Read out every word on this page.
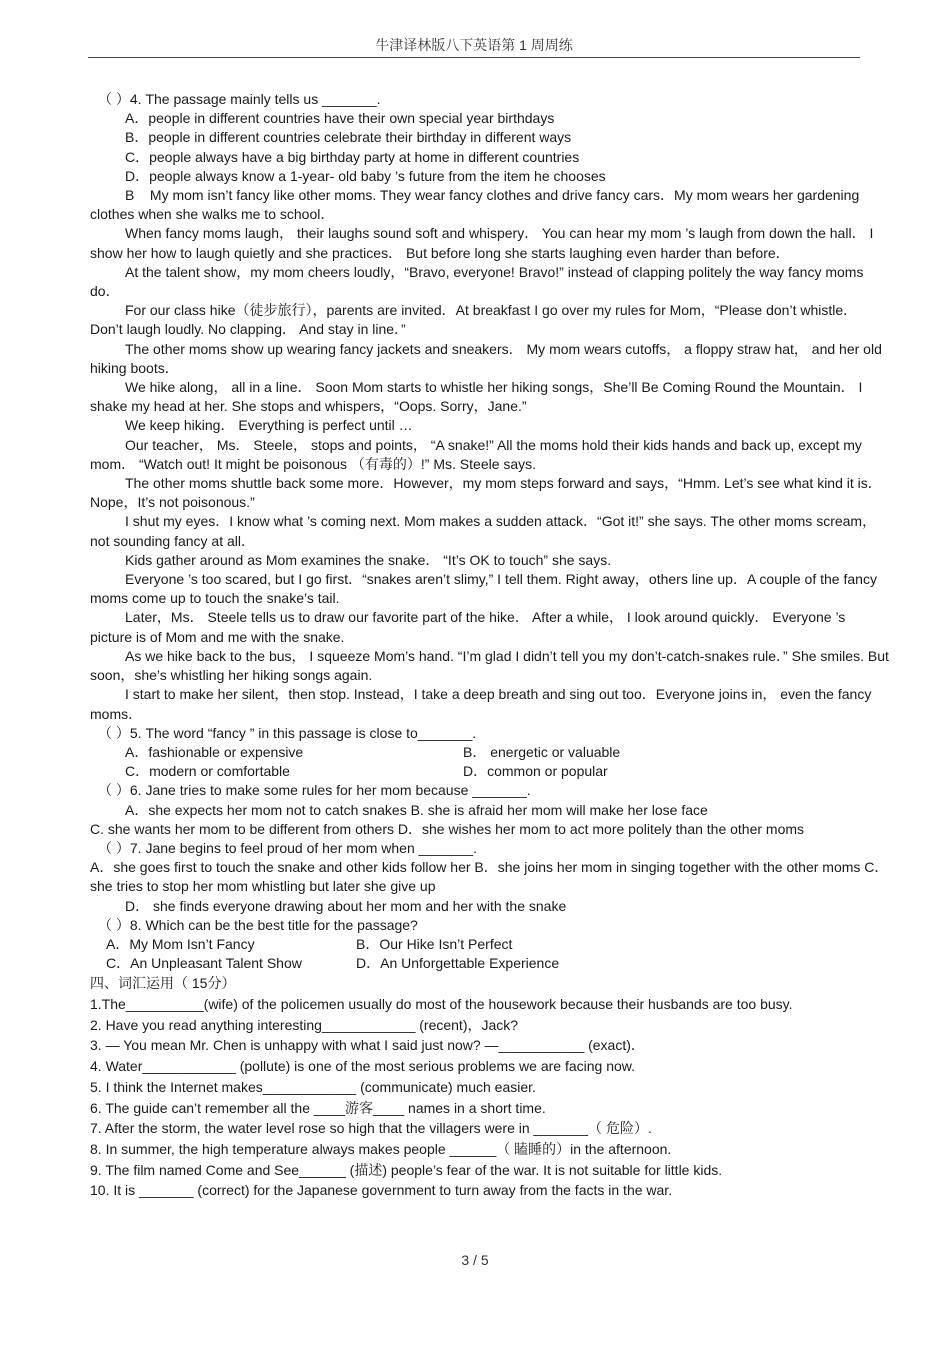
牛津译林版八下英语第 1 周周练

（ ）4. The passage mainly tells us _______.

A．people in different countries have their own special year birthdays

B．people in different countries celebrate their birthday in different ways

C．people always have a big birthday party at home in different countries

D．people always know a 1-year- old baby ’s future from the item he chooses

B My mom isn’t fancy like other moms. They wear fancy clothes and drive fancy cars．My mom wears her gardening clothes when she walks me to school．

When fancy moms laugh， their laughs sound soft and whispery． You can hear my mom ’s laugh from down the hall． I show her how to laugh quietly and she practices． But before long she starts laughing even harder than before．

At the talent show，my mom cheers loudly，“Bravo, everyone! Bravo!” instead of clapping politely the way fancy moms do．

For our class hike（徒步旅行），parents are invited．At breakfast I go over my rules for Mom，“Please don’t whistle． Don’t laugh loudly. No clapping． And stay in line．”

The other moms show up wearing fancy jackets and sneakers． My mom wears cutoffs， a floppy straw hat， and her old hiking boots．

We hike along， all in a line． Soon Mom starts to whistle her hiking songs，She’ll Be Coming Round the Mountain． I shake my head at her. She stops and whispers，“Oops. Sorry，Jane.”

We keep hiking． Everything is perfect until …

Our teacher， Ms． Steele， stops and points， “A snake!” All the moms hold their kids hands and back up, except my mom． “Watch out! It might be poisonous （有毒的）!” Ms. Steele says.

The other moms shuttle back some more．However，my mom steps forward and says，“Hmm. Let’s see what kind it is．Nope，It’s not poisonous.”

I shut my eyes．I know what ’s coming next. Mom makes a sudden attack．“Got it!” she says. The other moms scream， not sounding fancy at all．

Kids gather around as Mom examines the snake． “It’s OK to touch” she says.

Everyone ’s too scared, but I go first．“snakes aren’t slimy,” I tell them. Right away，others line up．A couple of the fancy moms come up to touch the snake’s tail.

Later，Ms． Steele tells us to draw our favorite part of the hike． After a while， I look around quickly． Everyone ’s picture is of Mom and me with the snake.

As we hike back to the bus， I squeeze Mom’s hand. “I’m glad I didn’t tell you my don’t-catch-snakes rule．” She smiles. But soon，she’s whistling her hiking songs again.

I start to make her silent，then stop. Instead，I take a deep breath and sing out too．Everyone joins in， even the fancy moms．

（ ）5. The word “fancy ” in this passage is close to_______.

A．fashionable or expensive	B． energetic or valuable

C．modern or comfortable	D．common or popular

（ ）6. Jane tries to make some rules for her mom because _______.

A．she expects her mom not to catch snakes B. she is afraid her mom will make her lose face

C. she wants her mom to be different from others D．she wishes her mom to act more politely than the other moms

（ ）7. Jane begins to feel proud of her mom when _______.

A．she goes first to touch the snake and other kids follow her B．she joins her mom in singing together with the other moms C．she tries to stop her mom whistling but later she give up

D． she finds everyone drawing about her mom and her with the snake

（ ）8. Which can be the best title for the passage?

A．My Mom Isn’t Fancy	B．Our Hike Isn’t Perfect

C．An Unpleasant Talent Show	D．An Unforgettable Experience

四、词汇运用（ 15分）

1.The__________(wife) of the policemen usually do most of the housework because their husbands are too busy.

2. Have you read anything interesting____________ (recent)，Jack?

3. — You mean Mr. Chen is unhappy with what I said just now? —___________ (exact)．

4. Water____________ (pollute) is one of the most serious problems we are facing now.

5. I think the Internet makes____________ (communicate) much easier.

6. The guide can’t remember all the ____游客____ names in a short time.

7. After the storm, the water level rose so high that the villagers were in _______（ 危险）.

8. In summer, the high temperature always makes people ______（ 瞌睡的）in the afternoon.

9. The film named Come and See______ (描述) people’s fear of the war. It is not suitable for little kids.

10. It is _______ (correct) for the Japanese government to turn away from the facts in the war.

3 / 5
